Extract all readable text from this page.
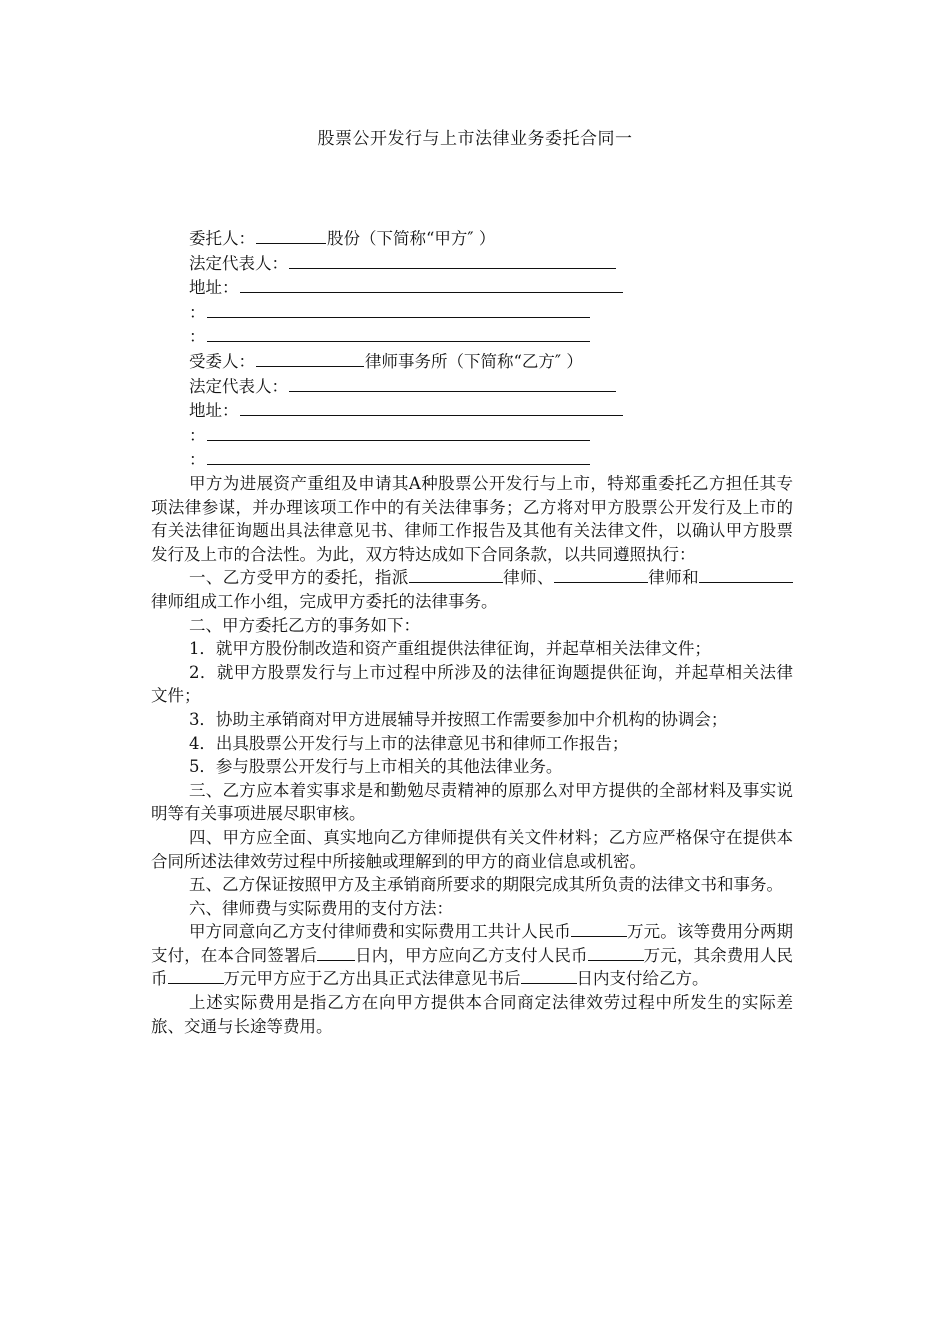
股票公开发行与上市法律业务委托合同一
委托人：	股份（下简称“甲方″ ）
法定代表人：
地址：
：
：
受委人：	律师事务所（下简称“乙方″ ）
法定代表人：
地址：
：
：

甲方为进展资产重组及申请其A种股票公开发行与上市，特郑重委托乙方担任其专项法律参谋，并办理该项工作中的有关法律事务；乙方将对甲方股票公开发行及上市的有关法律征询题出具法律意见书、律师工作报告及其他有关法律文件，以确认甲方股票发行及上市的合法性。为此，双方特达成如下合同条款，以共同遵照执行：

一、乙方受甲方的委托，指派	律师、	律师和律师组成工作小组，完成甲方委托的法律事务。

二、甲方委托乙方的事务如下：

1．就甲方股份制改造和资产重组提供法律征询，并起草相关法律文件；

2．就甲方股票发行与上市过程中所涉及的法律征询题提供征询，并起草相关法律文件；

3．协助主承销商对甲方进展辅导并按照工作需要参加中介机构的协调会；

4．出具股票公开发行与上市的法律意见书和律师工作报告；

5．参与股票公开发行与上市相关的其他法律业务。

三、乙方应本着实事求是和勤勉尽责精神的原那么对甲方提供的全部材料及事实说明等有关事项进展尽职审核。

四、甲方应全面、真实地向乙方律师提供有关文件材料；乙方应严格保守在提供本合同所述法律效劳过程中所接触或理解到的甲方的商业信息或机密。

五、乙方保证按照甲方及主承销商所要求的期限完成其所负责的法律文书和事务。

六、律师费与实际费用的支付方法：

甲方同意向乙方支付律师费和实际费用工共计人民币	万元。该等费用分两期支付，在本合同签署后 日内，甲方应向乙方支付人民币	万元，其余费用人民币	万元甲方应于乙方出具正式法律意见书后	日内支付给乙方。

上述实际费用是指乙方在向甲方提供本合同商定法律效劳过程中所发生的实际差旅、交通与长途等费用。
